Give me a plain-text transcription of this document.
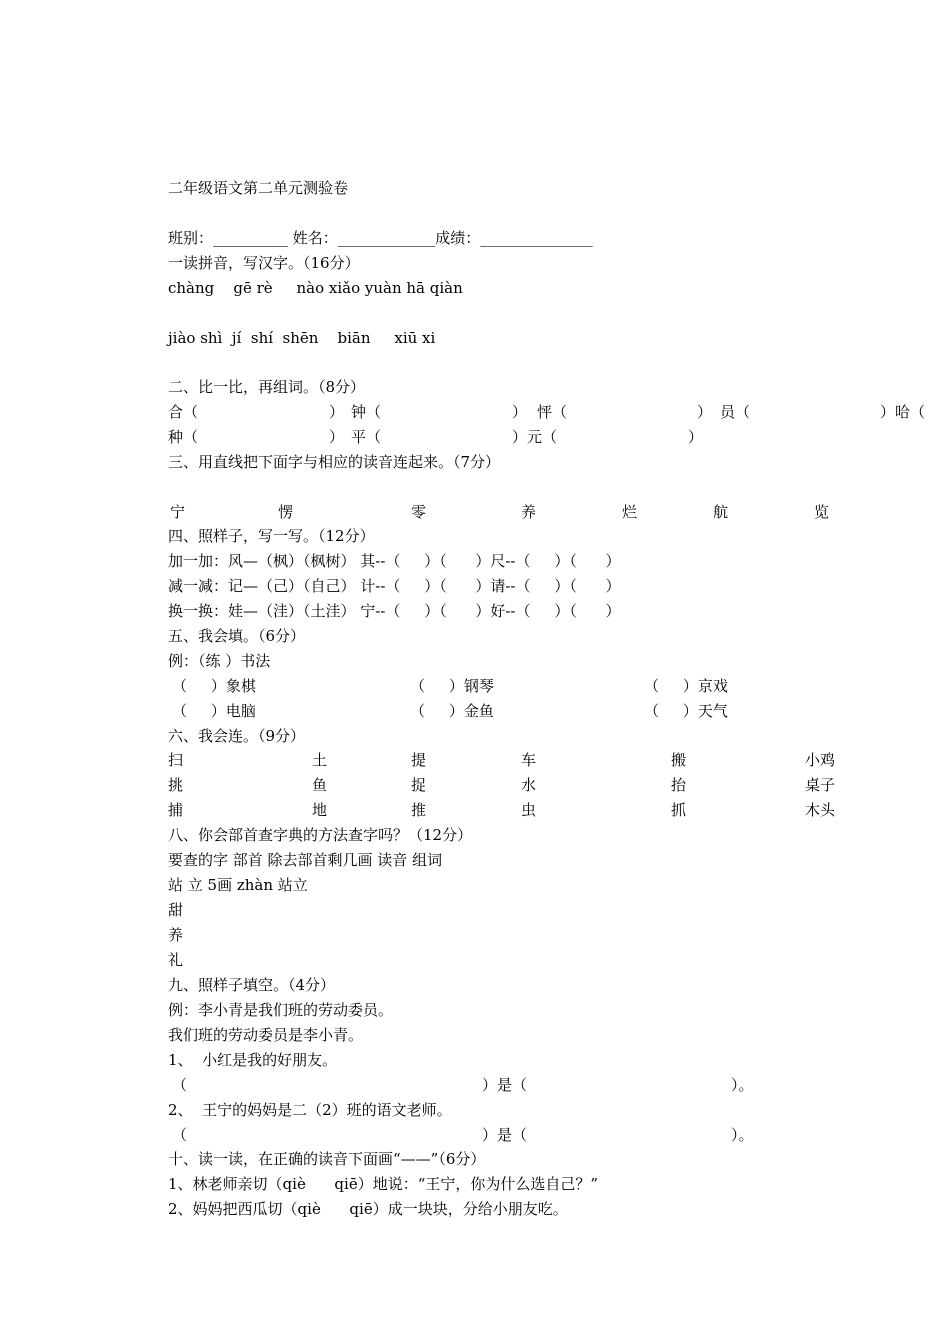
二年级语文第二单元测验卷
班别：__________ 姓名：_____________成绩：_______________
一读拼音，写汉字。（16分）
chàng    gē rè     nào xiǎo yuàn hā qiàn
jiào shì  jí  shí  shēn    biān     xiū xi
二、比一比，再组词。（8分）
合（	） 钟（	） 怦（	） 员（	）哈（
种（	） 平（	）元（	）
三、用直线把下面字与相应的读音连起来。（7分）
宁	愣	零	养	烂	航	览
四、照样子，写一写。（12分）
加一加：风—（枫）（枫树） 其--（     ）（      ）尺--（     ）（      ）
减一减：记—（己）（自己） 计--（     ）（      ）请--（     ）（      ）
换一换：娃—（洼）（土洼） 宁--（     ）（      ）好--（     ）（      ）
五、我会填。（6分）
例：（练 ）书法
（     ）象棋	（     ）钢琴	（     ）京戏
（     ）电脑	（     ）金鱼	（     ）天气
六、我会连。（9分）
扫	土	提	车	搬	小鸡
挑	鱼	捉	水	抬	桌子
捕	地	推	虫	抓	木头
八、你会部首查字典的方法查字吗？（12分）
要查的字 部首 除去部首剩几画 读音 组词
站 立 5画 zhàn 站立
甜
养
礼
九、照样子填空。（4分）
例：李小青是我们班的劳动委员。
我们班的劳动委员是李小青。
1、  小红是我的好朋友。
（	）是（	）。
2、  王宁的妈妈是二（2）班的语文老师。
（	）是（	）。
十、读一读，在正确的读音下面画“——”（6分）
1、林老师亲切（qiè      qiē）地说：“王宁，你为什么选自己？”
2、妈妈把西瓜切（qiè      qiē）成一块块，分给小朋友吃。
